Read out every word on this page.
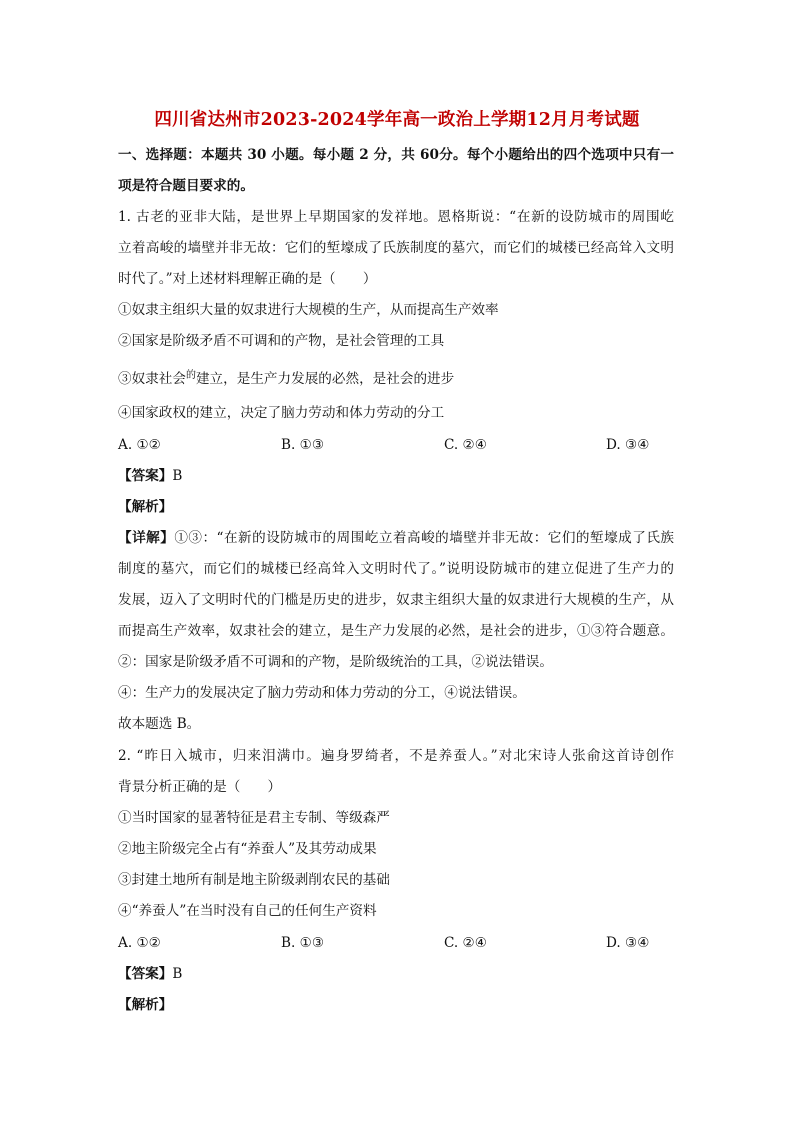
四川省达州市2023-2024学年高一政治上学期12月月考试题
一、选择题：本题共 30 小题。每小题 2 分，共 60分。每个小题给出的四个选项中只有一
项是符合题目要求的。
1. 古老的亚非大陆，是世界上早期国家的发祥地。恩格斯说：“在新的设防城市的周围屹
立着高峻的墙壁并非无故：它们的堑壕成了氏族制度的墓穴，而它们的城楼已经高耸入文明
时代了。”对上述材料理解正确的是（　　）
①奴隶主组织大量的奴隶进行大规模的生产，从而提高生产效率
②国家是阶级矛盾不可调和的产物，是社会管理的工具
③奴隶社会$^的$建立，是生产力发展的必然，是社会的进步
④国家政权的建立，决定了脑力劳动和体力劳动的分工
A. ①②	B. ①③	C. ②④	D. ③④
【答案】B
【解析】
【详解】①③：“在新的设防城市的周围屹立着高峻的墙壁并非无故：它们的堑壕成了氏族
制度的墓穴，而它们的城楼已经高耸入文明时代了。”说明设防城市的建立促进了生产力的
发展，迈入了文明时代的门槛是历史的进步，奴隶主组织大量的奴隶进行大规模的生产，从
而提高生产效率，奴隶社会的建立，是生产力发展的必然，是社会的进步，①③符合题意。
②：国家是阶级矛盾不可调和的产物，是阶级统治的工具，②说法错误。
④：生产力的发展决定了脑力劳动和体力劳动的分工，④说法错误。
故本题选 B。
2. “昨日入城市，归来泪满巾。遍身罗绮者，不是养蚕人。”对北宋诗人张俞这首诗创作
背景分析正确的是（　　）
①当时国家的显著特征是君主专制、等级森严
②地主阶级完全占有“养蚕人”及其劳动成果
③封建土地所有制是地主阶级剥削农民的基础
④“养蚕人”在当时没有自己的任何生产资料
A. ①②	B. ①③	C. ②④	D. ③④
【答案】B
【解析】
